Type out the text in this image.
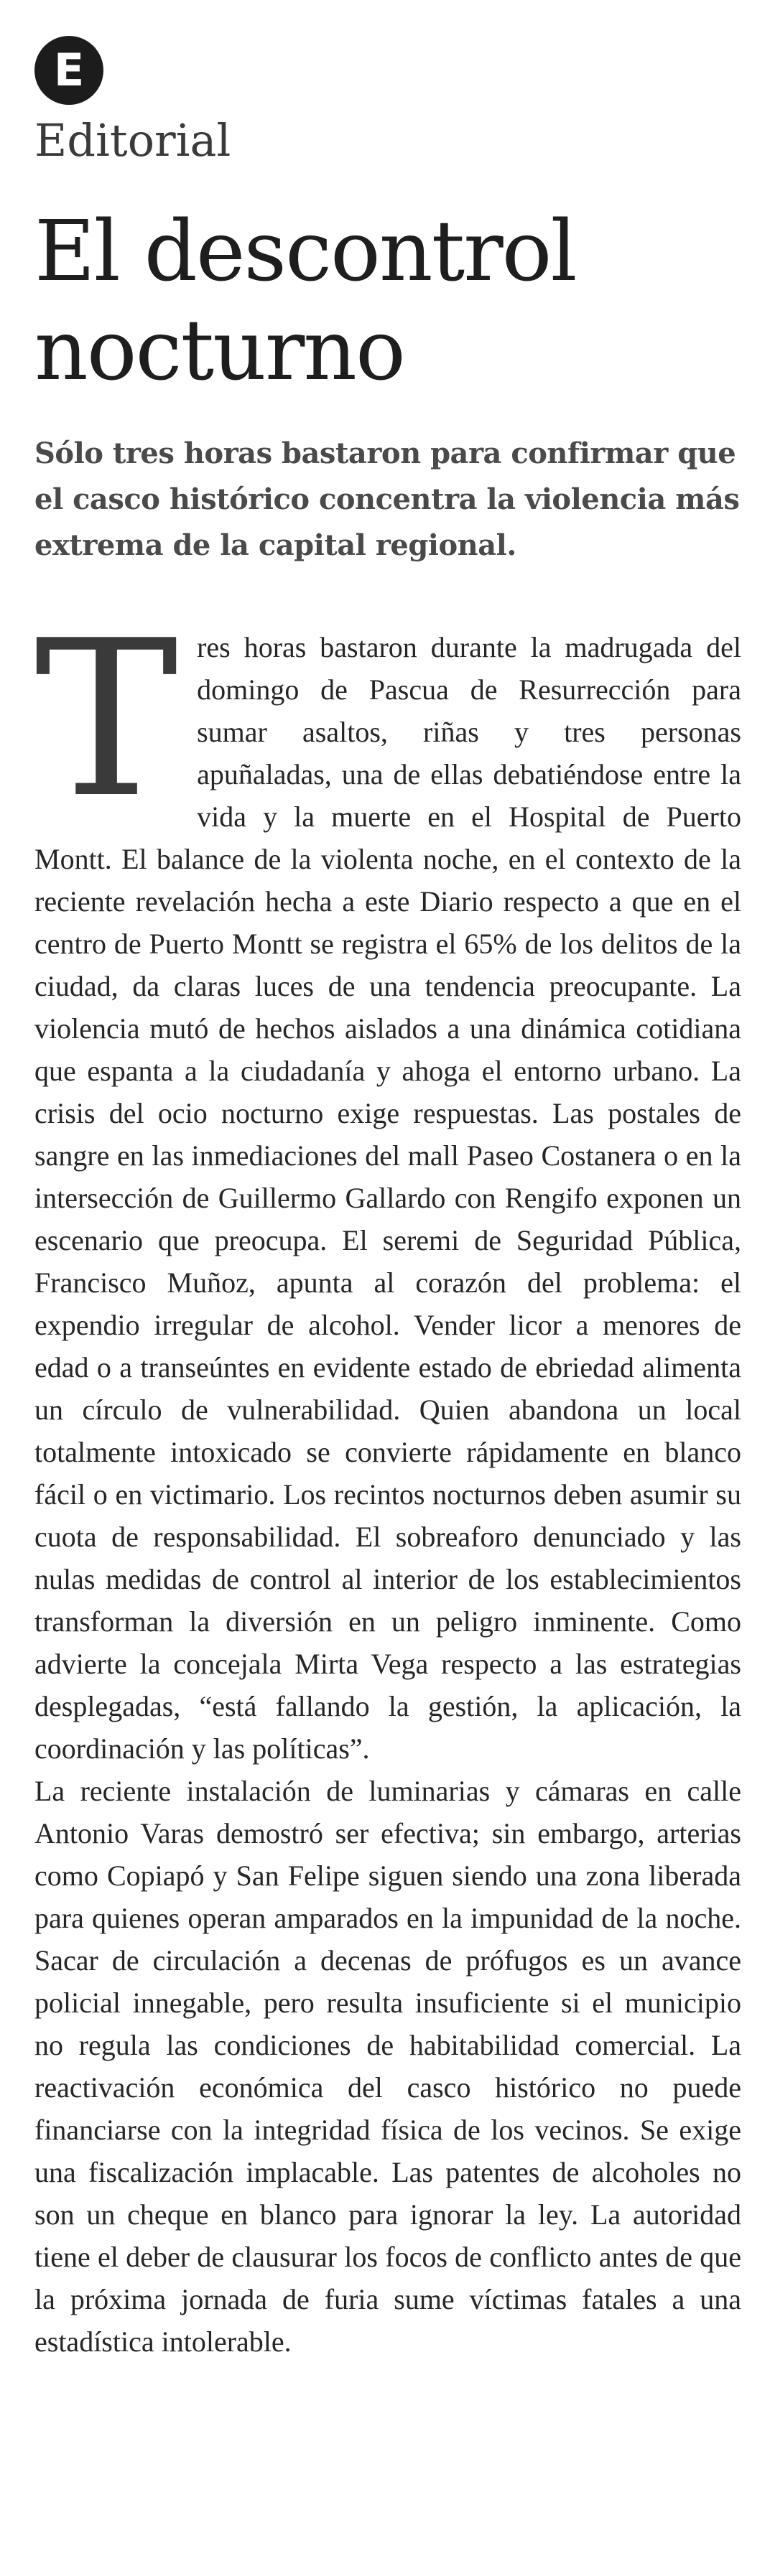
E
Editorial
El descontrol nocturno
Sólo tres horas bastaron para confirmar que el casco histórico concentra la violencia más extrema de la capital regional.
T res horas bastaron durante la madrugada del domingo de Pascua de Resurrección para sumar asaltos, riñas y tres personas apuñaladas, una de ellas debatiéndose entre la vida y la muerte en el Hospital de Puerto Montt. El balance de la violenta noche, en el contexto de la reciente revelación hecha a este Diario respecto a que en el centro de Puerto Montt se registra el 65% de los delitos de la ciudad, da claras luces de una tendencia preocupante. La violencia mutó de hechos aislados a una dinámica cotidiana que espanta a la ciudadanía y ahoga el entorno urbano. La crisis del ocio nocturno exige respuestas. Las postales de sangre en las inmediaciones del mall Paseo Costanera o en la intersección de Guillermo Gallardo con Rengifo exponen un escenario que preocupa. El seremi de Seguridad Pública, Francisco Muñoz, apunta al corazón del problema: el expendio irregular de alcohol. Vender licor a menores de edad o a transeúntes en evidente estado de ebriedad alimenta un círculo de vulnerabilidad. Quien abandona un local totalmente intoxicado se convierte rápidamente en blanco fácil o en victimario. Los recintos nocturnos deben asumir su cuota de responsabilidad. El sobreaforo denunciado y las nulas medidas de control al interior de los establecimientos transforman la diversión en un peligro inminente. Como advierte la concejala Mirta Vega respecto a las estrategias desplegadas, “está fallando la gestión, la aplicación, la coordinación y las políticas”.

La reciente instalación de luminarias y cámaras en calle Antonio Varas demostró ser efectiva; sin embargo, arterias como Copiapó y San Felipe siguen siendo una zona liberada para quienes operan amparados en la impunidad de la noche. Sacar de circulación a decenas de prófugos es un avance policial innegable, pero resulta insuficiente si el municipio no regula las condiciones de habitabilidad comercial. La reactivación económica del casco histórico no puede financiarse con la integridad física de los vecinos. Se exige una fiscalización implacable. Las patentes de alcoholes no son un cheque en blanco para ignorar la ley. La autoridad tiene el deber de clausurar los focos de conflicto antes de que la próxima jornada de furia sume víctimas fatales a una estadística intolerable.
